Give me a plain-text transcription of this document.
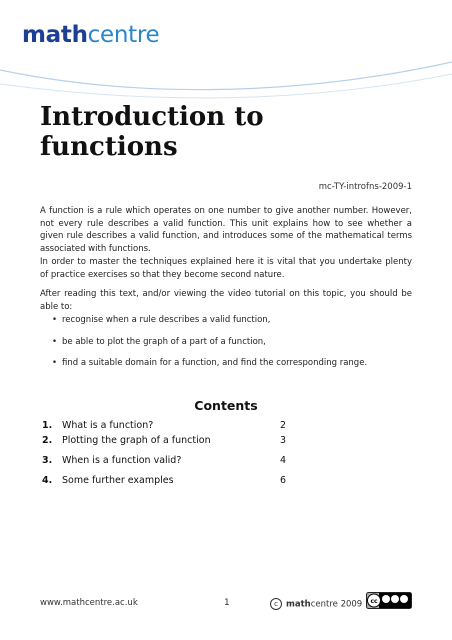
mathcentre
Introduction to
functions
mc-TY-introfns-2009-1

A function is a rule which operates on one number to give another number. However, not every rule describes a valid function. This unit explains how to see whether a given rule describes a valid function, and introduces some of the mathematical terms associated with functions.

In order to master the techniques explained here it is vital that you undertake plenty of practice exercises so that they become second nature.

After reading this text, and/or viewing the video tutorial on this topic, you should be able to:

• recognise when a rule describes a valid function,
• be able to plot the graph of a part of a function,
• find a suitable domain for a function, and find the corresponding range.
Contents
1.	What is a function?	2
2.	Plotting the graph of a function	3
3.	When is a function valid?	4
4.	Some further examples	6
www.mathcentre.ac.uk	1	c mathcentre 2009 cc
